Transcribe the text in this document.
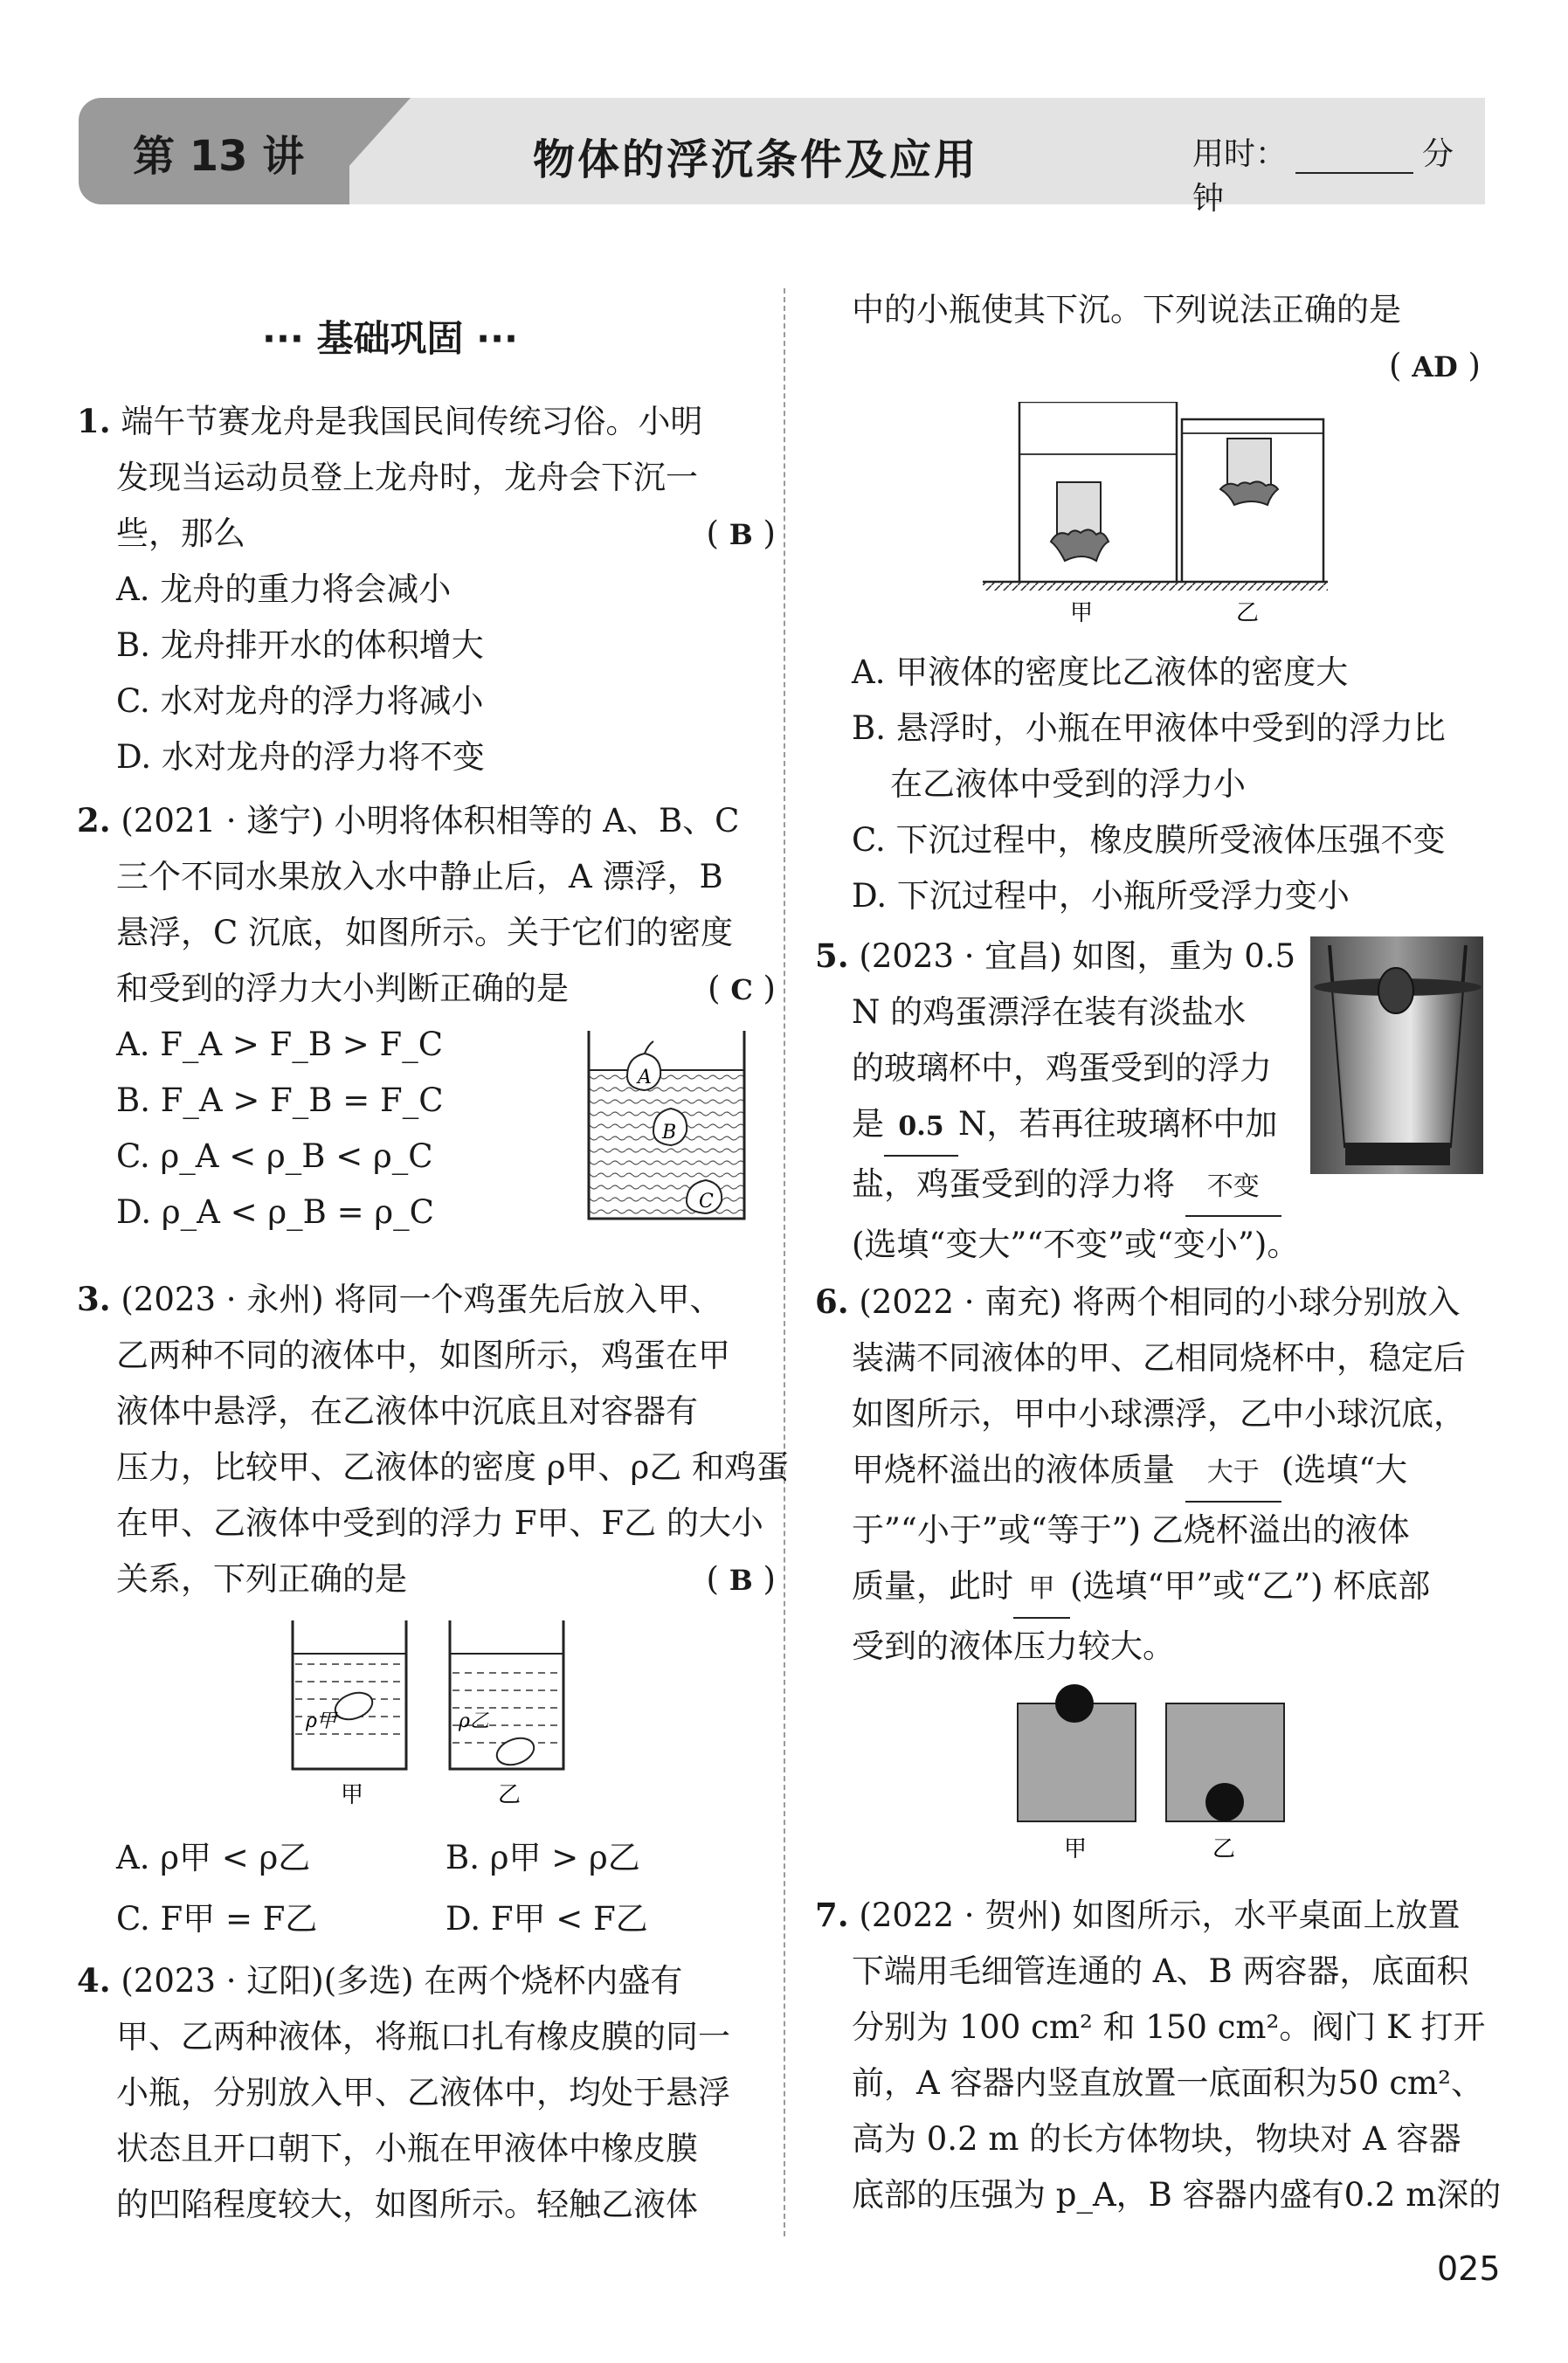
第 13 讲	物体的浮沉条件及应用	用时：	分钟
··· 基础巩固 ···
1. 端午节赛龙舟是我国民间传统习俗。小明
发现当运动员登上龙舟时，龙舟会下沉一
些，那么	( B )
A. 龙舟的重力将会减小
B. 龙舟排开水的体积增大
C. 水对龙舟的浮力将减小
D. 水对龙舟的浮力将不变
2. (2021 · 遂宁) 小明将体积相等的 A、B、C
三个不同水果放入水中静止后，A 漂浮，B
悬浮，C 沉底，如图所示。关于它们的密度
和受到的浮力大小判断正确的是	( C )
A. F_A > F_B > F_C
B. F_A > F_B = F_C
C. ρ_A < ρ_B < ρ_C
D. ρ_A < ρ_B = ρ_C
A
B
C
3. (2023 · 永州) 将同一个鸡蛋先后放入甲、
乙两种不同的液体中，如图所示，鸡蛋在甲
液体中悬浮，在乙液体中沉底且对容器有
压力，比较甲、乙液体的密度 ρ甲、ρ乙 和鸡蛋
在甲、乙液体中受到的浮力 F甲、F乙 的大小
关系，下列正确的是	( B )
ρ甲
甲
ρ乙
乙
A. ρ甲 < ρ乙	B. ρ甲 > ρ乙
C. F甲 = F乙	D. F甲 < F乙
4. (2023 · 辽阳)(多选) 在两个烧杯内盛有
甲、乙两种液体，将瓶口扎有橡皮膜的同一
小瓶，分别放入甲、乙液体中，均处于悬浮
状态且开口朝下，小瓶在甲液体中橡皮膜
的凹陷程度较大，如图所示。轻触乙液体
中的小瓶使其下沉。下列说法正确的是
( AD )
甲	乙
A. 甲液体的密度比乙液体的密度大
B. 悬浮时，小瓶在甲液体中受到的浮力比
在乙液体中受到的浮力小
C. 下沉过程中，橡皮膜所受液体压强不变
D. 下沉过程中，小瓶所受浮力变小
5. (2023 · 宜昌) 如图，重为 0.5
N 的鸡蛋漂浮在装有淡盐水
的玻璃杯中，鸡蛋受到的浮力
是 0.5 N，若再往玻璃杯中加
盐，鸡蛋受到的浮力将 不变
(选填“变大”“不变”或“变小”)。
6. (2022 · 南充) 将两个相同的小球分别放入
装满不同液体的甲、乙相同烧杯中，稳定后
如图所示，甲中小球漂浮，乙中小球沉底，
甲烧杯溢出的液体质量 大于 (选填“大
于”“小于”或“等于”) 乙烧杯溢出的液体
质量，此时 甲 (选填“甲”或“乙”) 杯底部
受到的液体压力较大。
甲	乙
7. (2022 · 贺州) 如图所示，水平桌面上放置
下端用毛细管连通的 A、B 两容器，底面积
分别为 100 cm² 和 150 cm²。阀门 K 打开
前，A 容器内竖直放置一底面积为50 cm²、
高为 0.2 m 的长方体物块，物块对 A 容器
底部的压强为 p_A，B 容器内盛有0.2 m深的
025
